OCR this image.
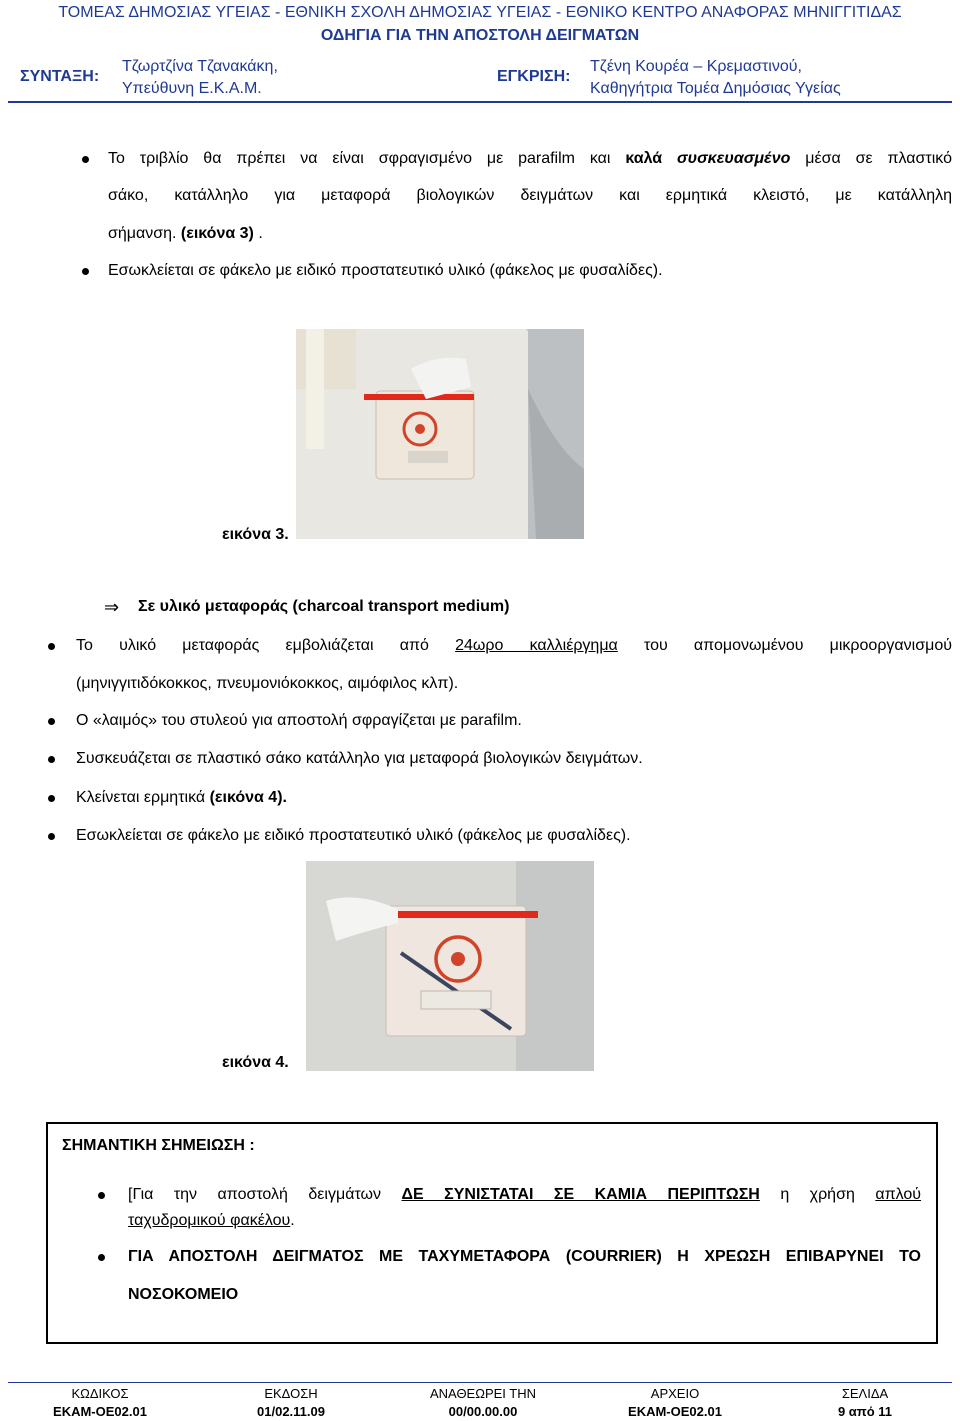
ΤΟΜΕΑΣ ΔΗΜΟΣΙΑΣ ΥΓΕΙΑΣ - ΕΘΝΙΚΗ ΣΧΟΛΗ ΔΗΜΟΣΙΑΣ ΥΓΕΙΑΣ - ΕΘΝΙΚΟ ΚΕΝΤΡΟ ΑΝΑΦΟΡΑΣ ΜΗΝΙΓΓΙΤΙΔΑΣ
ΟΔΗΓΙΑ ΓΙΑ ΤΗΝ ΑΠΟΣΤΟΛΗ ΔΕΙΓΜΑΤΩΝ
ΣΥΝΤΑΞΗ:
Τζωρτζίνα Τζανακάκη,
Υπεύθυνη Ε.Κ.Α.Μ.
ΕΓΚΡΙΣΗ:
Τζένη Κουρέα – Κρεμαστινού,
Καθηγήτρια Τομέα Δημόσιας Υγείας
Το τριβλίο θα πρέπει να είναι σφραγισμένο με parafilm και καλά συσκευασμένο μέσα σε πλαστικό
σάκο, κατάλληλο για μεταφορά βιολογικών δειγμάτων και ερμητικά κλειστό, με κατάλληλη
σήμανση. (εικόνα 3) .
Εσωκλείεται σε φάκελο με ειδικό προστατευτικό υλικό (φάκελος με φυσαλίδες).
εικόνα 3.
⇒ Σε υλικό μεταφοράς (charcoal transport medium)
Το υλικό μεταφοράς εμβολιάζεται από 24ωρο καλλιέργημα του απομονωμένου μικροοργανισμού
(μηνιγγιτιδόκοκκος, πνευμονιόκοκκος, αιμόφιλος κλπ).
Ο «λαιμός» του στυλεού για αποστολή σφραγίζεται με parafilm.
Συσκευάζεται σε πλαστικό σάκο κατάλληλο για μεταφορά βιολογικών δειγμάτων.
Κλείνεται ερμητικά (εικόνα 4).
Εσωκλείεται σε φάκελο με ειδικό προστατευτικό υλικό (φάκελος με φυσαλίδες).
εικόνα 4.
ΣΗΜΑΝΤΙΚΗ ΣΗΜΕΙΩΣΗ :
[Για την αποστολή δειγμάτων ΔΕ ΣΥΝΙΣΤΑΤΑΙ ΣΕ ΚΑΜΙΑ ΠΕΡΙΠΤΩΣΗ η χρήση απλού
ταχυδρομικού φακέλου.
ΓΙΑ ΑΠΟΣΤΟΛΗ ΔΕΙΓΜΑΤΟΣ ΜΕ ΤΑΧΥΜΕΤΑΦΟΡΑ (COURRIER) Η ΧΡΕΩΣΗ ΕΠΙΒΑΡΥΝΕΙ ΤΟ
ΝΟΣΟΚΟΜΕΙΟ
ΚΩΔΙΚΟΣ
ΕΚΑΜ-ΟΕ02.01
ΕΚΔΟΣΗ
01/02.11.09
ΑΝΑΘΕΩΡΕΙ ΤΗΝ
00/00.00.00
ΑΡΧΕΙΟ
ΕΚΑΜ-ΟΕ02.01
ΣΕΛΙΔΑ
9 από 11
